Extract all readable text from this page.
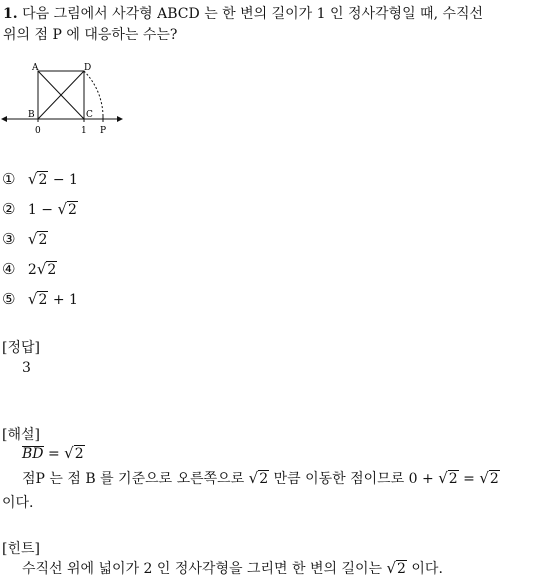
1. 다음 그림에서 사각형 ABCD 는 한 변의 길이가 1 인 정사각형일 때, 수직선
위의 점 P 에 대응하는 수는?
A	D
B	C
0	1 P
① √2 − 1
② 1 − √2
③ √2
④ 2√2
⑤ √2 + 1
[정답]
3
[해설]
BD = √2
점P 는 점 B 를 기준으로 오른쪽으로 √2 만큼 이동한 점이므로 0 + √2 = √2
이다.
[힌트]
수직선 위에 넓이가 2 인 정사각형을 그리면 한 변의 길이는 √2 이다.
